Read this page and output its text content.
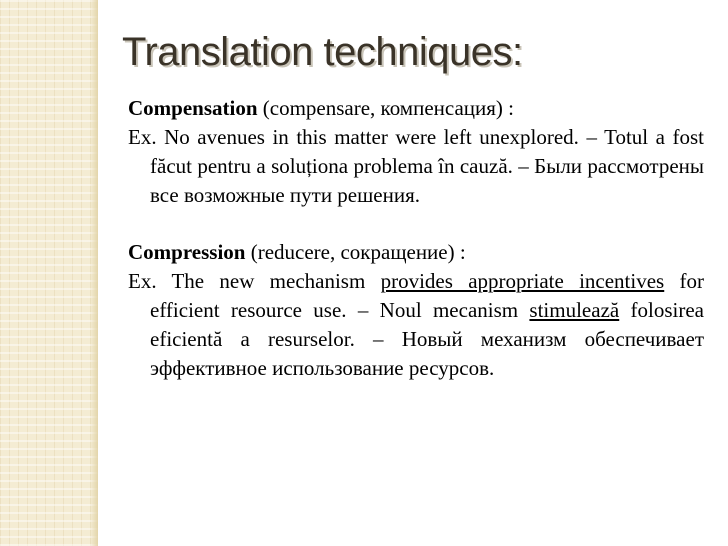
Translation techniques:

Compensation (compensare, компенсация) :

Ex. No avenues in this matter were left unexplored. – Totul a fost făcut pentru a soluționa problema în cauză. – Были рассмотрены все возможные пути решения.

Compression (reducere, сокращение) :

Ex. The new mechanism provides appropriate incentives for efficient resource use. – Noul mecanism stimulează folosirea eficientă a resurselor. – Новый механизм обеспечивает эффективное использование ресурсов.
